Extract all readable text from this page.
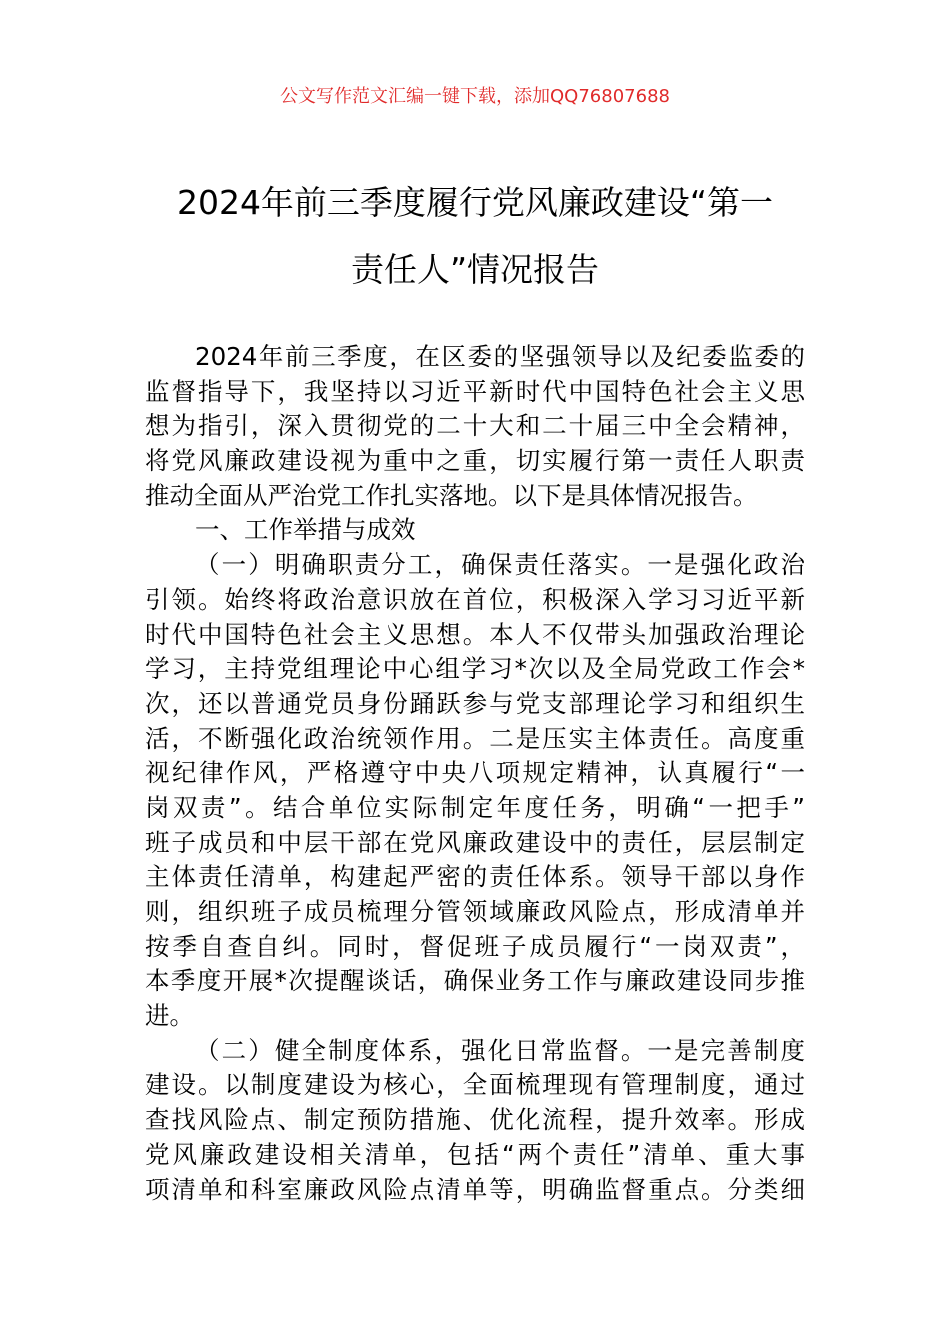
公文写作范文汇编一键下载，添加QQ76807688
2024年前三季度履行党风廉政建设“第一
责任人”情况报告
2024年前三季度，在区委的坚强领导以及纪委监委的
监督指导下，我坚持以习近平新时代中国特色社会主义思
想为指引，深入贯彻党的二十大和二十届三中全会精神，
将党风廉政建设视为重中之重，切实履行第一责任人职责
推动全面从严治党工作扎实落地。以下是具体情况报告。
一、工作举措与成效
（一）明确职责分工，确保责任落实。一是强化政治
引领。始终将政治意识放在首位，积极深入学习习近平新
时代中国特色社会主义思想。本人不仅带头加强政治理论
学习，主持党组理论中心组学习*次以及全局党政工作会*
次，还以普通党员身份踊跃参与党支部理论学习和组织生
活，不断强化政治统领作用。二是压实主体责任。高度重
视纪律作风，严格遵守中央八项规定精神，认真履行“一
岗双责”。结合单位实际制定年度任务，明确“一把手”
班子成员和中层干部在党风廉政建设中的责任，层层制定
主体责任清单，构建起严密的责任体系。领导干部以身作
则，组织班子成员梳理分管领域廉政风险点，形成清单并
按季自查自纠。同时，督促班子成员履行“一岗双责”，
本季度开展*次提醒谈话，确保业务工作与廉政建设同步推
进。
（二）健全制度体系，强化日常监督。一是完善制度
建设。以制度建设为核心，全面梳理现有管理制度，通过
查找风险点、制定预防措施、优化流程，提升效率。形成
党风廉政建设相关清单，包括“两个责任”清单、重大事
项清单和科室廉政风险点清单等，明确监督重点。分类细
